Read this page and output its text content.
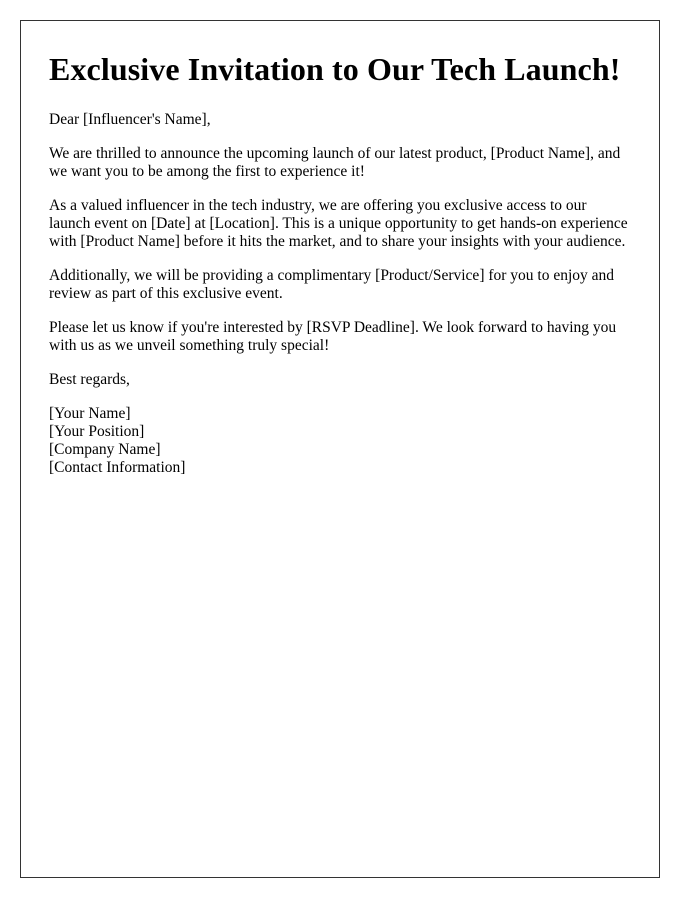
Exclusive Invitation to Our Tech Launch!

Dear [Influencer's Name],

We are thrilled to announce the upcoming launch of our latest product, [Product Name], and we want you to be among the first to experience it!

As a valued influencer in the tech industry, we are offering you exclusive access to our launch event on [Date] at [Location]. This is a unique opportunity to get hands-on experience with [Product Name] before it hits the market, and to share your insights with your audience.

Additionally, we will be providing a complimentary [Product/Service] for you to enjoy and review as part of this exclusive event.

Please let us know if you're interested by [RSVP Deadline]. We look forward to having you with us as we unveil something truly special!

Best regards,

[Your Name]
[Your Position]
[Company Name]
[Contact Information]
